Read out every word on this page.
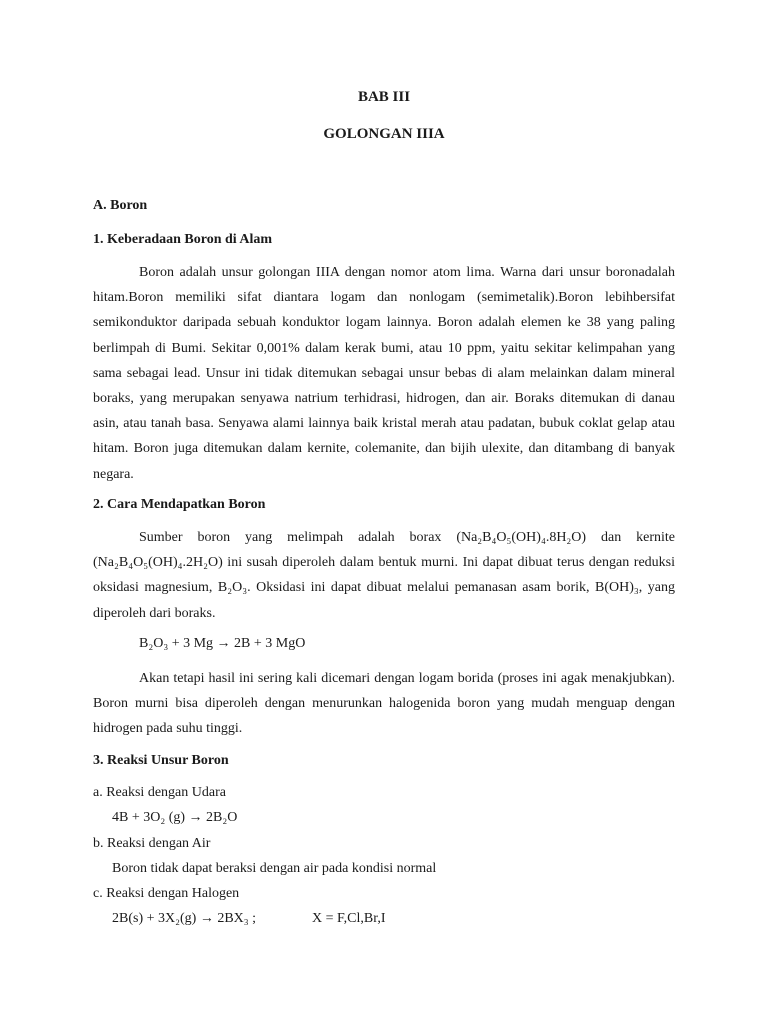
BAB III
GOLONGAN IIIA
A. Boron
1. Keberadaan Boron di Alam
Boron adalah unsur golongan IIIA dengan nomor atom lima. Warna dari unsur boronadalah hitam.Boron memiliki sifat diantara logam dan nonlogam (semimetalik).Boron lebihbersifat semikonduktor daripada sebuah konduktor logam lainnya. Boron adalah elemen ke 38 yang paling berlimpah di Bumi. Sekitar 0,001% dalam kerak bumi, atau 10 ppm, yaitu sekitar kelimpahan yang sama sebagai lead. Unsur ini tidak ditemukan sebagai unsur bebas di alam melainkan dalam mineral boraks, yang merupakan senyawa natrium terhidrasi, hidrogen, dan air. Boraks ditemukan di danau asin, atau tanah basa. Senyawa alami lainnya baik kristal merah atau padatan, bubuk coklat gelap atau hitam. Boron juga ditemukan dalam kernite, colemanite, dan bijih ulexite, dan ditambang di banyak negara.
2. Cara Mendapatkan Boron
Sumber boron yang melimpah adalah borax (Na₂B₄O₅(OH)₄.8H₂O) dan kernite (Na₂B₄O₅(OH)₄.2H₂O) ini susah diperoleh dalam bentuk murni. Ini dapat dibuat terus dengan reduksi oksidasi magnesium, B₂O₃. Oksidasi ini dapat dibuat melalui pemanasan asam borik, B(OH)₃, yang diperoleh dari boraks.
B₂O₃ + 3 Mg → 2B + 3 MgO
Akan tetapi hasil ini sering kali dicemari dengan logam borida (proses ini agak menakjubkan). Boron murni bisa diperoleh dengan menurunkan halogenida boron yang mudah menguap dengan hidrogen pada suhu tinggi.
3. Reaksi Unsur Boron
a. Reaksi dengan Udara
4B + 3O₂ (g) → 2B₂O
b. Reaksi dengan Air
Boron tidak dapat beraksi dengan air pada kondisi normal
c. Reaksi dengan Halogen
2B(s) + 3X₂(g) → 2BX₃ ;	X = F,Cl,Br,I
